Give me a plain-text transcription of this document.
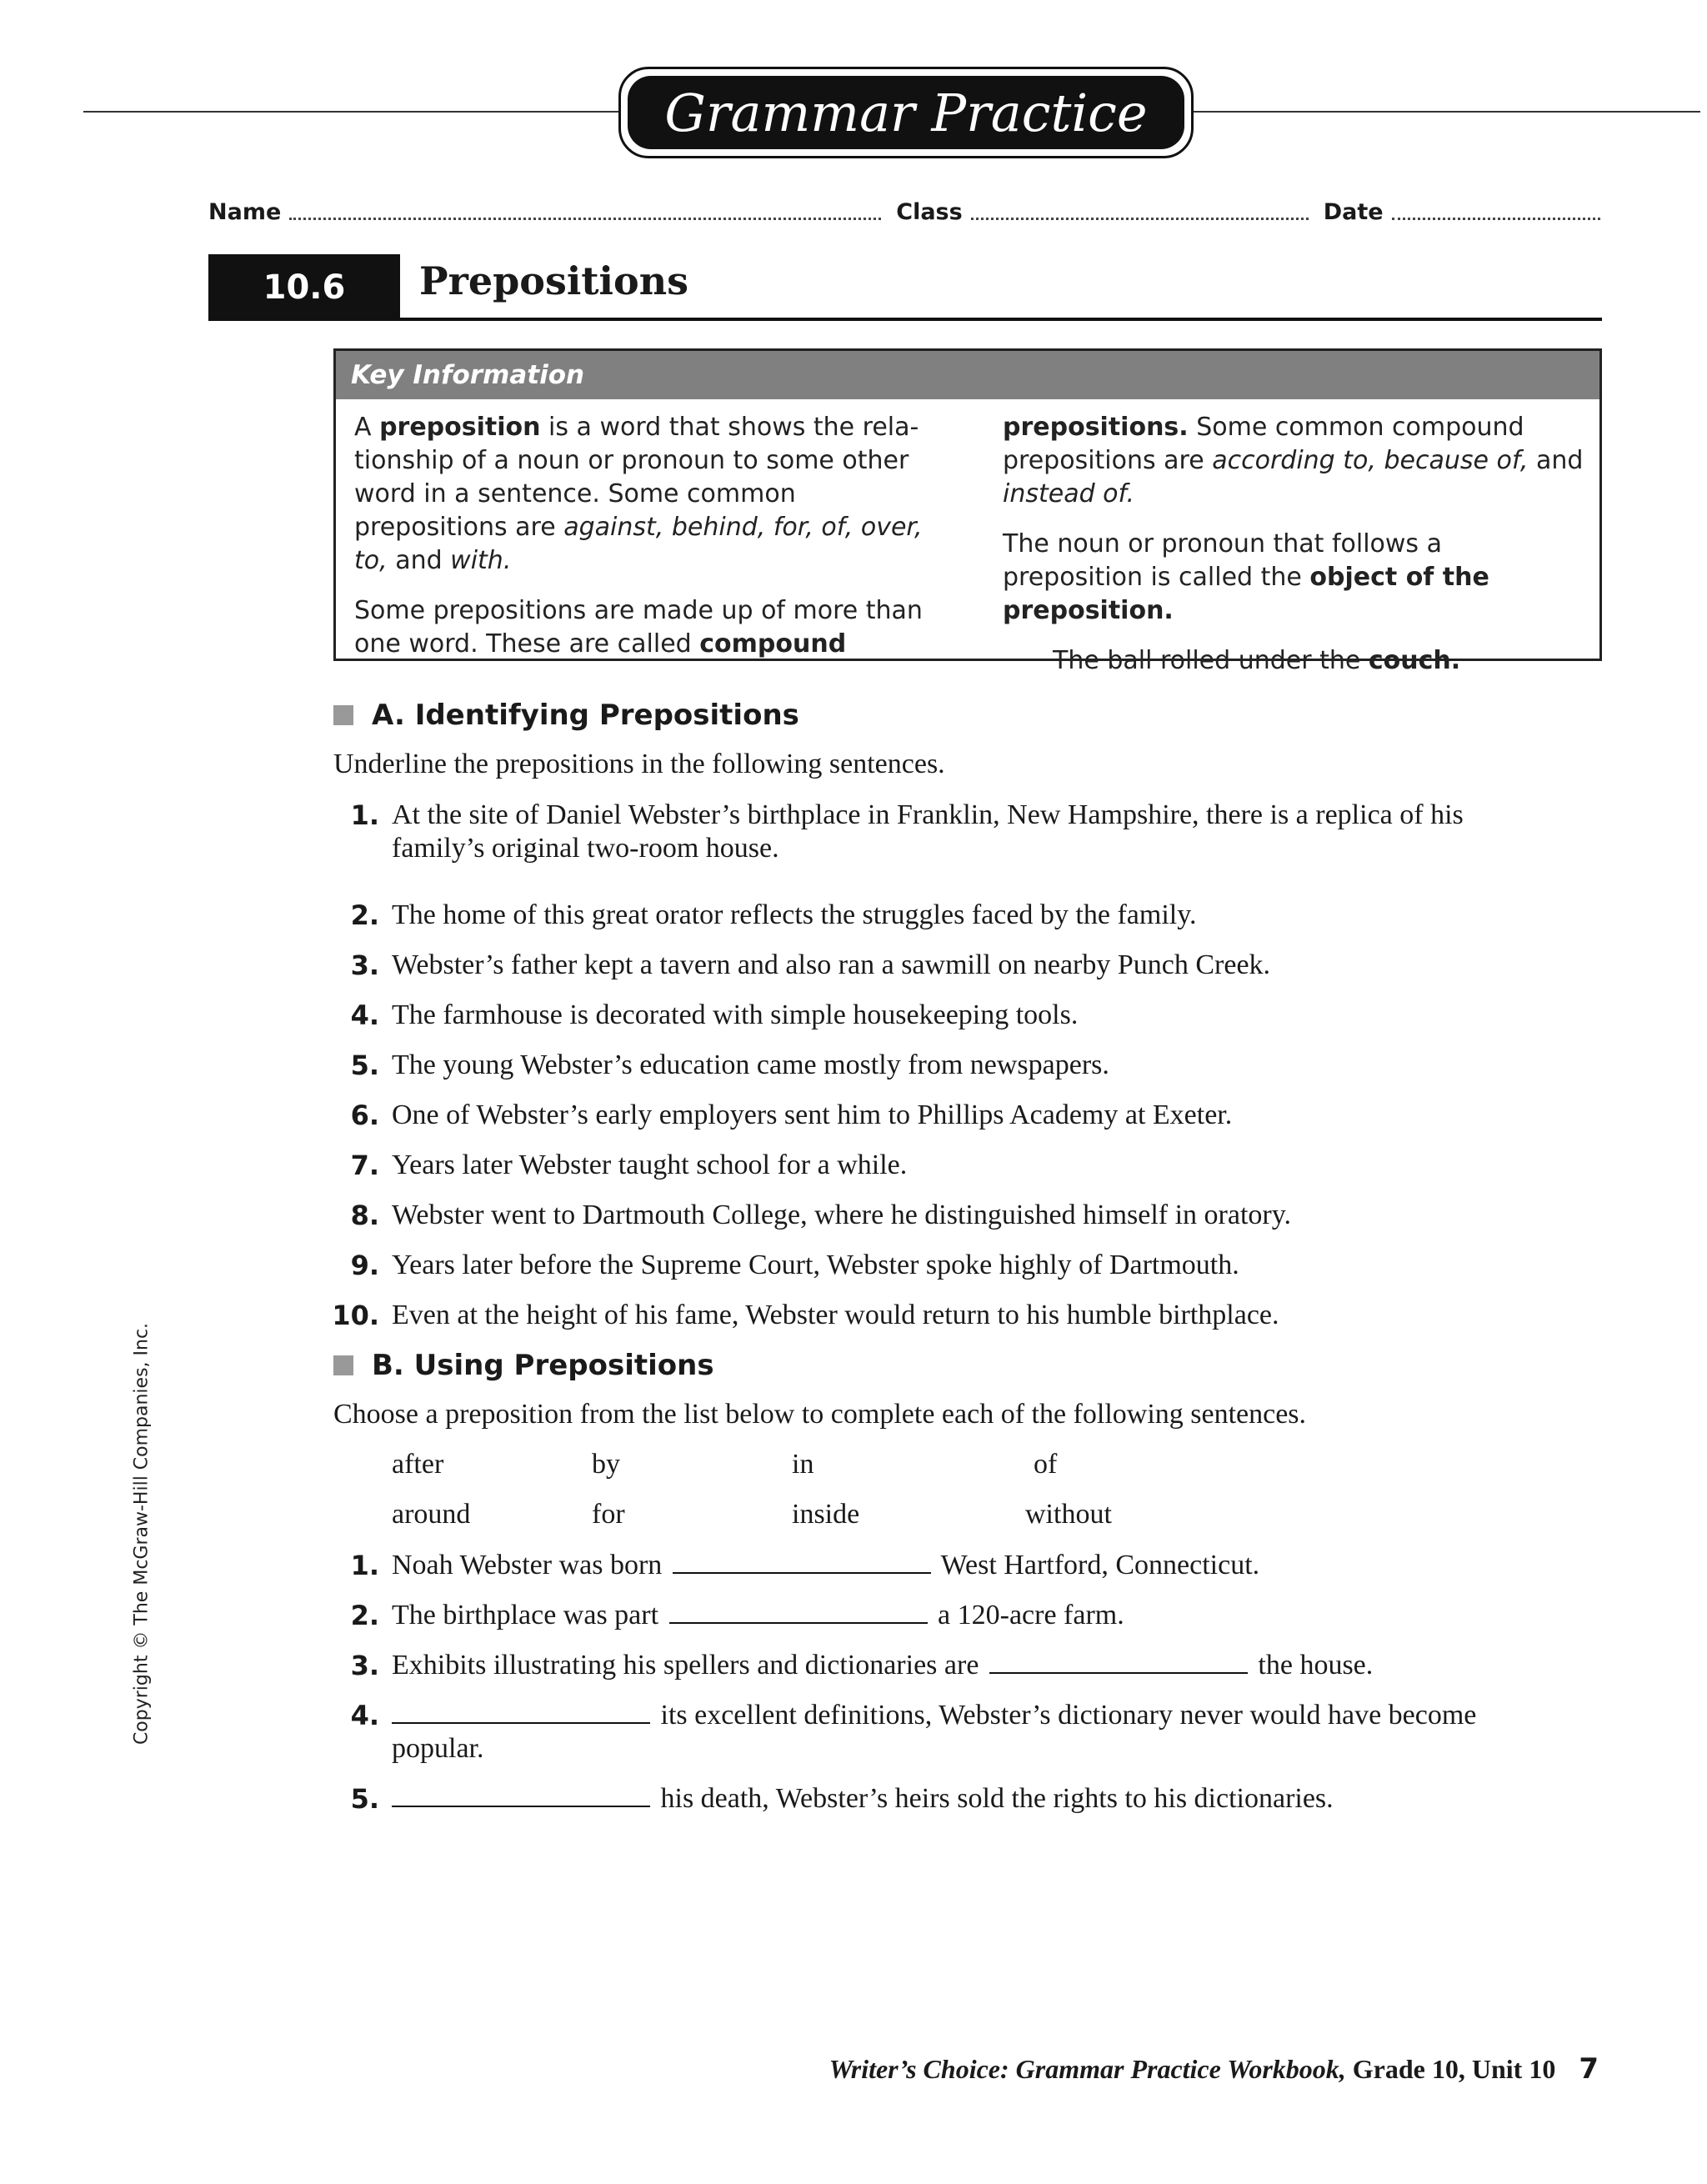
Grammar Practice
Name	Class	Date
10.6	Prepositions
Key Information

A preposition is a word that shows the rela-tionship of a noun or pronoun to some other word in a sentence. Some common prepositions are against, behind, for, of, over, to, and with.

Some prepositions are made up of more than one word. These are called compound

prepositions. Some common compound prepositions are according to, because of, and instead of.

The noun or pronoun that follows a preposition is called the object of the preposition.

The ball rolled under the couch.

A. Identifying Prepositions
Underline the prepositions in the following sentences.
1. At the site of Daniel Webster’s birthplace in Franklin, New Hampshire, there is a replica of his family’s original two-room house.
2. The home of this great orator reflects the struggles faced by the family.
3. Webster’s father kept a tavern and also ran a sawmill on nearby Punch Creek.
4. The farmhouse is decorated with simple housekeeping tools.
5. The young Webster’s education came mostly from newspapers.
6. One of Webster’s early employers sent him to Phillips Academy at Exeter.
7. Years later Webster taught school for a while.
8. Webster went to Dartmouth College, where he distinguished himself in oratory.
9. Years later before the Supreme Court, Webster spoke highly of Dartmouth.
10. Even at the height of his fame, Webster would return to his humble birthplace.
B. Using Prepositions
Choose a preposition from the list below to complete each of the following sentences.
after	by	in	of
around	for	inside	without
1. Noah Webster was born	West Hartford, Connecticut.
2. The birthplace was part	a 120-acre farm.
3. Exhibits illustrating his spellers and dictionaries are	the house.
4.	its excellent definitions, Webster’s dictionary never would have become popular.
5.	his death, Webster’s heirs sold the rights to his dictionaries.
Copyright © The McGraw-Hill Companies, Inc.
Writer’s Choice: Grammar Practice Workbook, Grade 10, Unit 10 7
